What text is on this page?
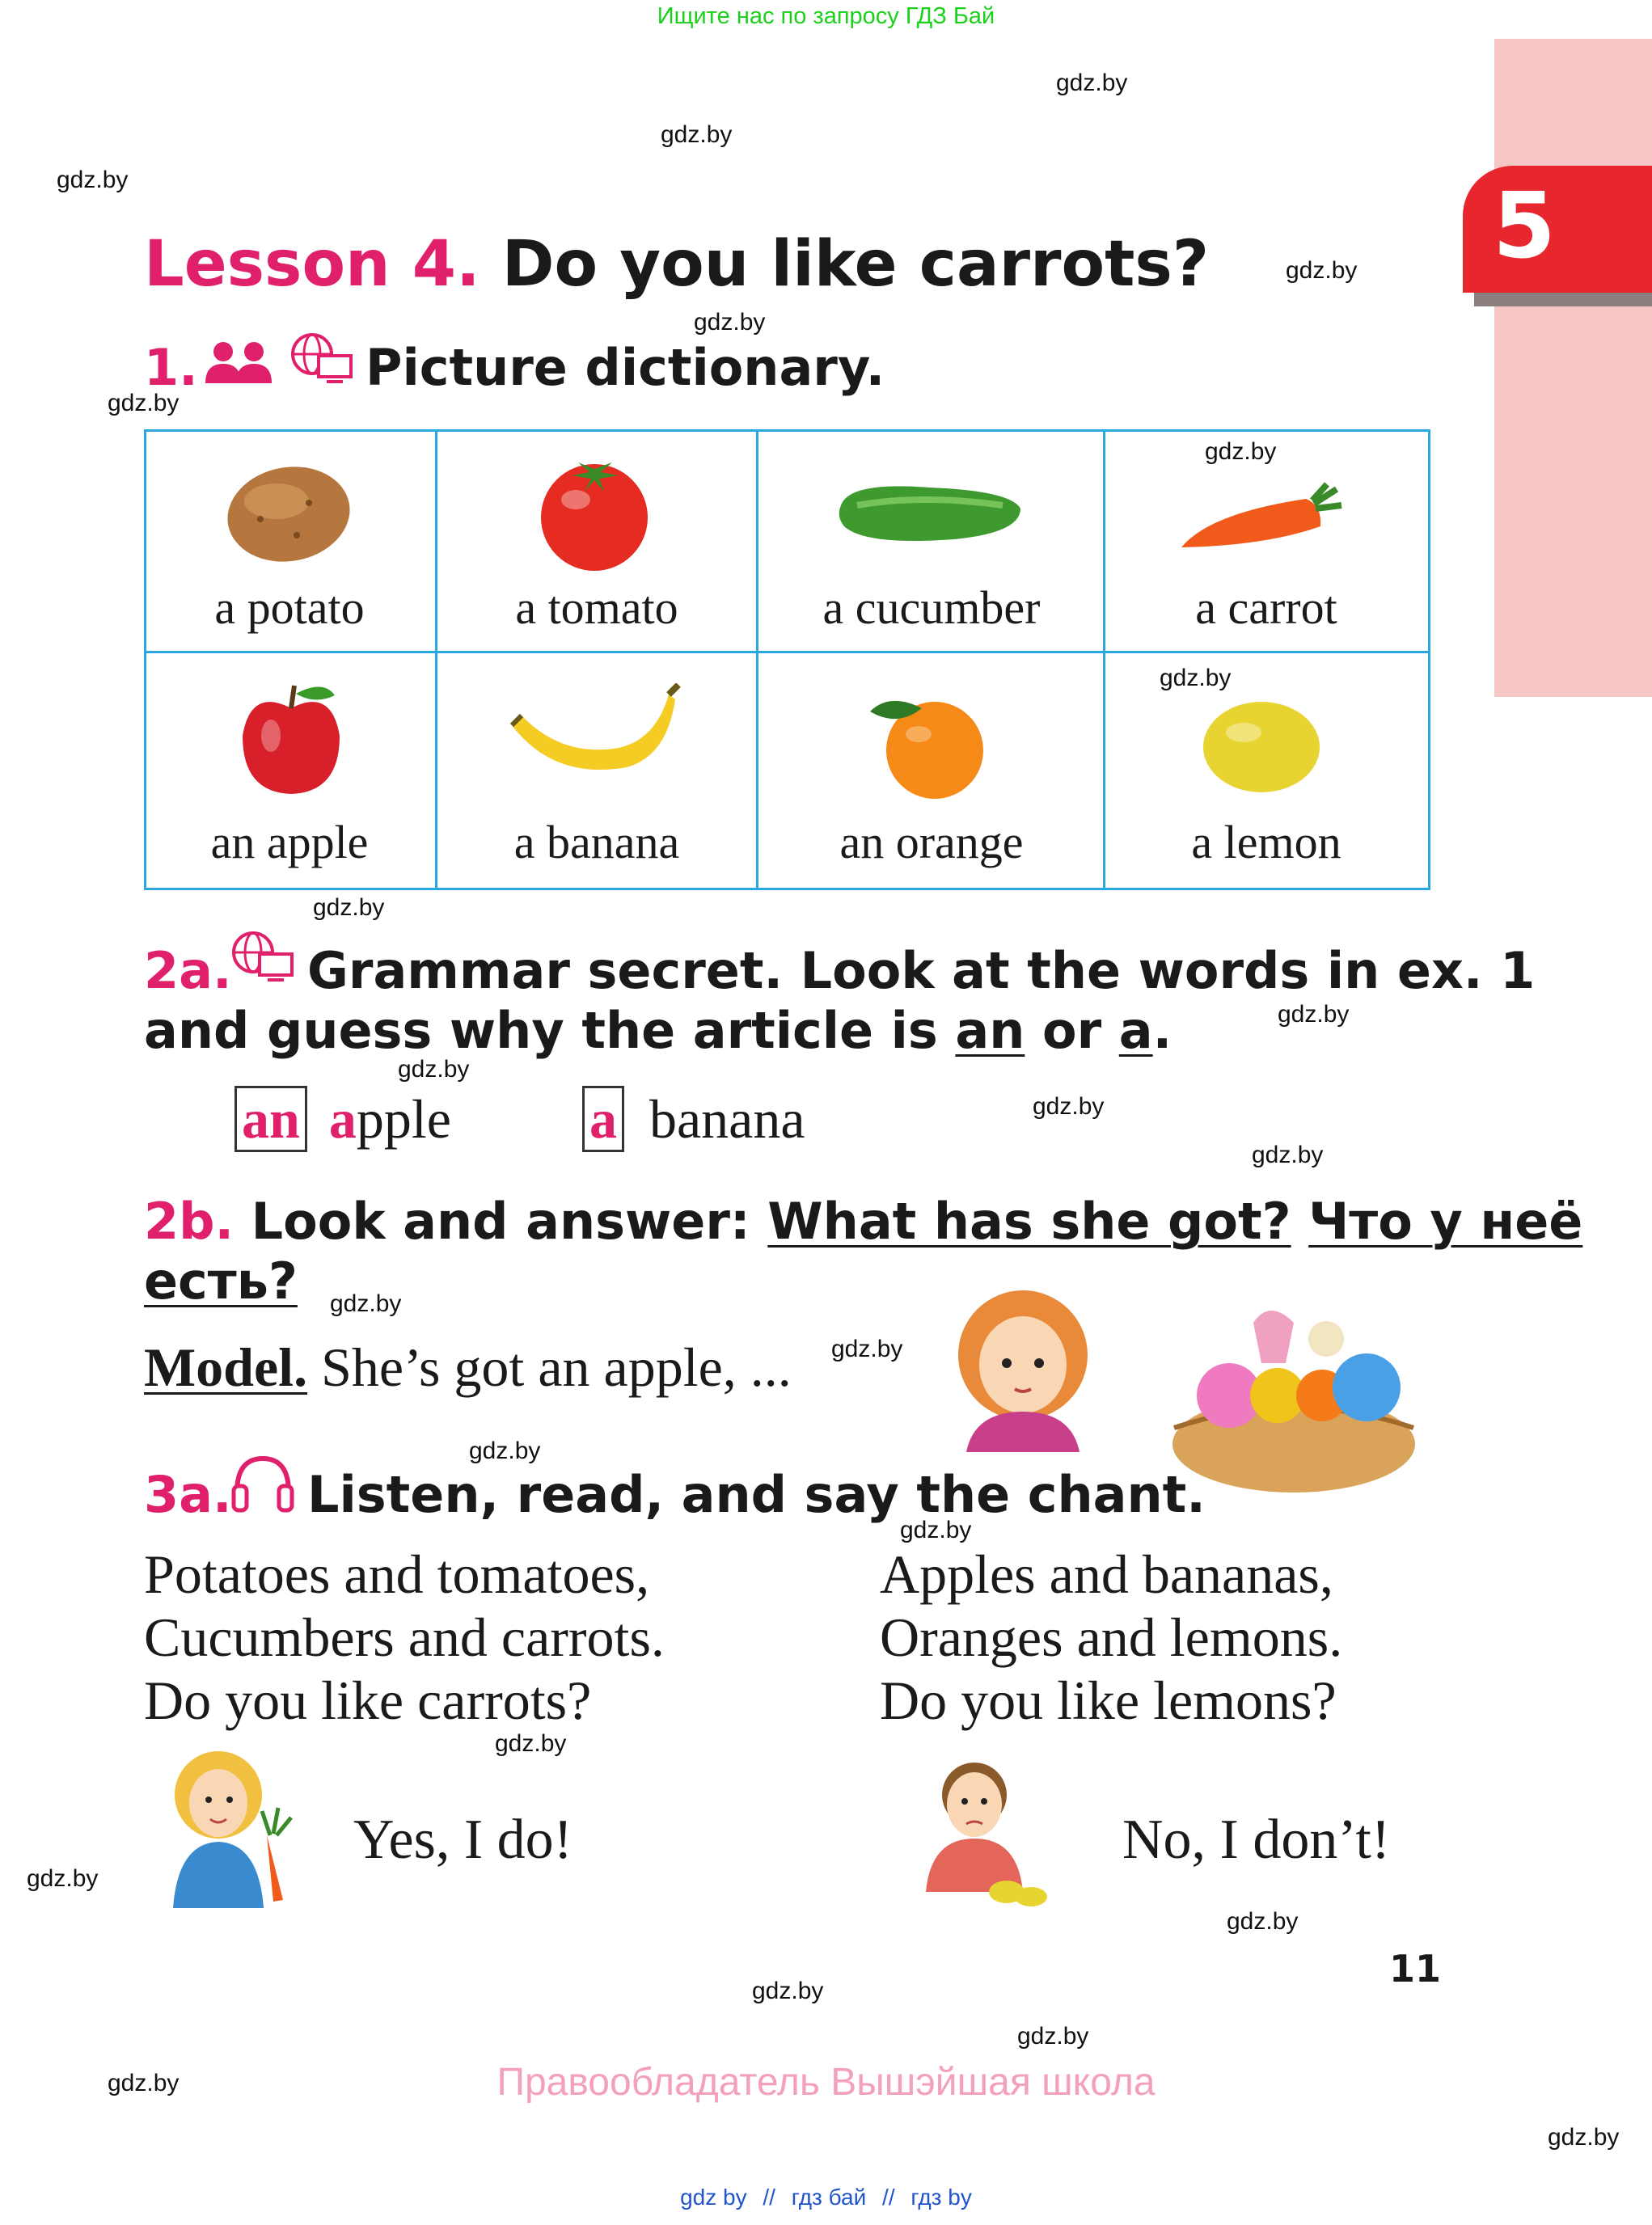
Ищите нас по запросу ГДЗ Бай
5
gdz.by
gdz.by
gdz.by
gdz.by
gdz.by
gdz.by
gdz.by
gdz.by
gdz.by
gdz.by
gdz.by
gdz.by
gdz.by
gdz.by
gdz.by
gdz.by
gdz.by
gdz.by
gdz.by
gdz.by
gdz.by
gdz.by
gdz.by
gdz.by
Lesson 4. Do you like carrots?
1.	Picture dictionary.
a potato	a tomato	a cucumber	a carrot
an apple	a banana	an orange	a lemon
2a. Grammar secret. Look at the words in ex. 1
and guess why the article is an or a.
an apple	a banana
2b. Look and answer: What has she got? Что у неё
есть?
Model. She’s got an apple, ...
3a. Listen, read, and say the chant.
Potatoes and tomatoes,
Cucumbers and carrots.
Do you like carrots?
Apples and bananas,
Oranges and lemons.
Do you like lemons?
Yes, I do!	No, I don’t!
11
Правообладатель Вышэйшая школа
gdz by // гдз бай // гдз by
